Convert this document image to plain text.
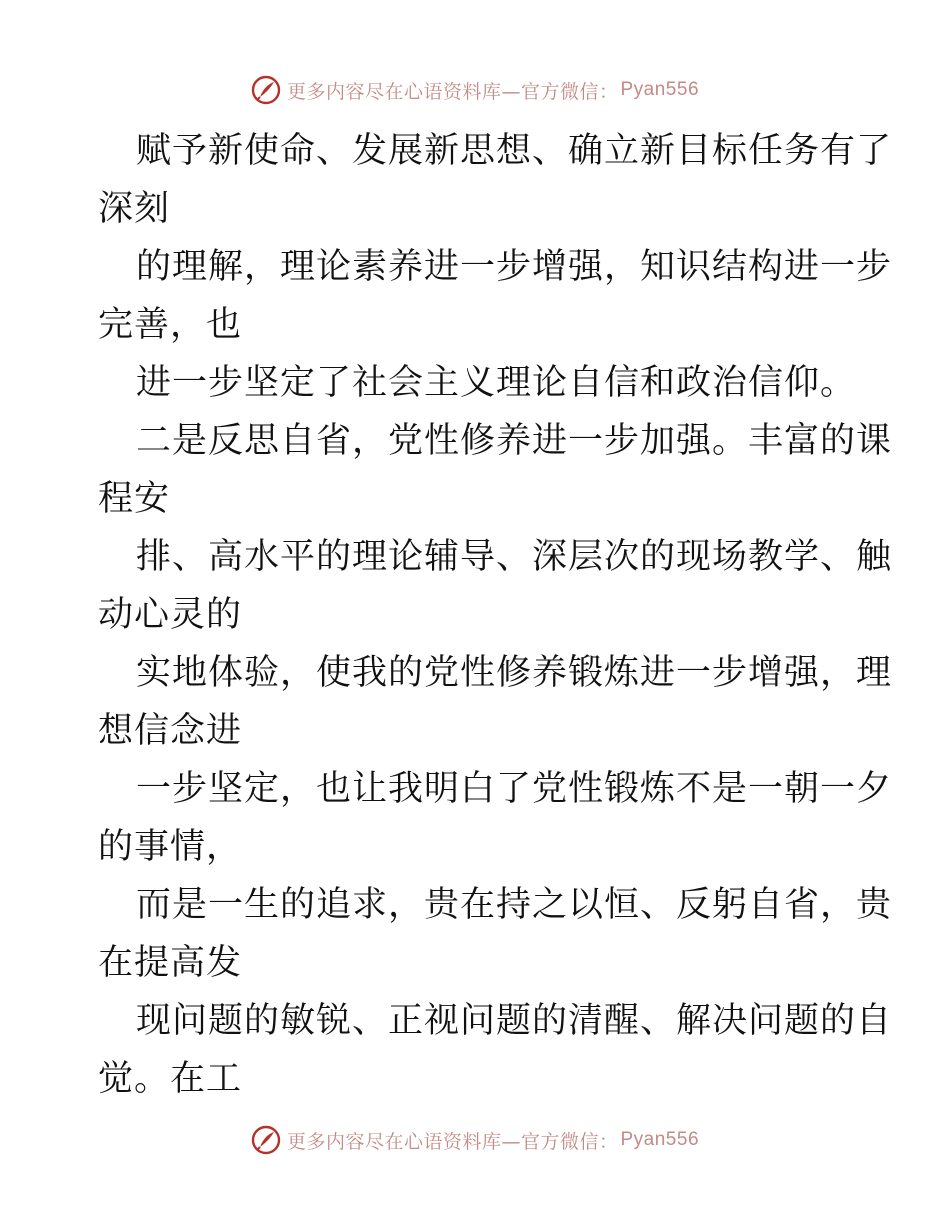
更多内容尽在心语资料库—官方微信： Pyan556

赋予新使命、发展新思想、确立新目标任务有了
深刻

的理解，理论素养进一步增强，知识结构进一步
完善，也

进一步坚定了社会主义理论自信和政治信仰。

二是反思自省，党性修养进一步加强。丰富的课
程安

排、高水平的理论辅导、深层次的现场教学、触
动心灵的

实地体验，使我的党性修养锻炼进一步增强，理
想信念进

一步坚定，也让我明白了党性锻炼不是一朝一夕
的事情，

而是一生的追求，贵在持之以恒、反躬自省，贵
在提高发

现问题的敏锐、正视问题的清醒、解决问题的自
觉。在工

更多内容尽在心语资料库—官方微信： Pyan556
